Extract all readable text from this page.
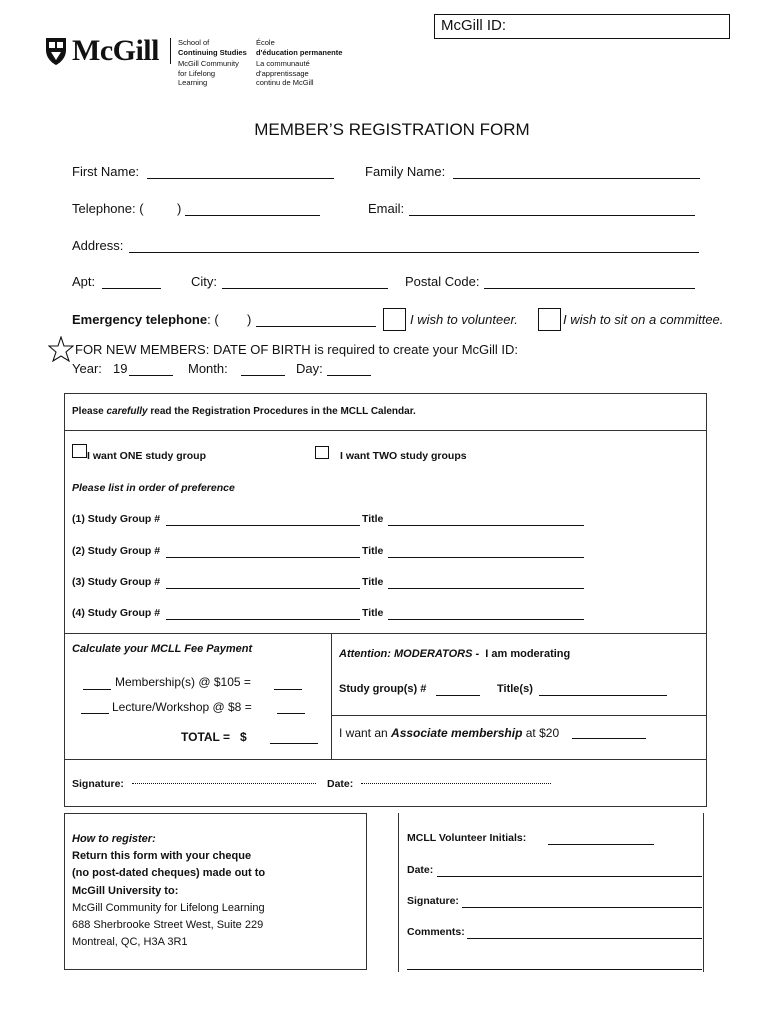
McGill ID:
McGill	School of
Continuing Studies
McGill Community
for Lifelong
Learning
École
d'éducation permanente
La communauté
d'apprentissage
continu de McGill
MEMBER’S REGISTRATION FORM
First Name:	Family Name:
Telephone: (	)	Email:
Address:
Apt:	City:	Postal Code:
Emergency telephone: ( )	I wish to volunteer.	I wish to sit on a committee.
FOR NEW MEMBERS: DATE OF BIRTH is required to create your McGill ID:
Year: 19	Month:	Day:
Please carefully read the Registration Procedures in the MCLL Calendar.
I want ONE study group	I want TWO study groups
Please list in order of preference
(1) Study Group #	Title
(2) Study Group #	Title
(3) Study Group #	Title
(4) Study Group #	Title
Calculate your MCLL Fee Payment
Membership(s) @ $105 =
Lecture/Workshop @ $8 =
TOTAL = $
Attention: MODERATORS - I am moderating
Study group(s) #	Title(s)
I want an Associate membership at $20
Signature:	Date:
How to register:
Return this form with your cheque
(no post-dated cheques) made out to
McGill University to:
McGill Community for Lifelong Learning
688 Sherbrooke Street West, Suite 229
Montreal, QC, H3A 3R1
MCLL Volunteer Initials:
Date:
Signature:
Comments:
